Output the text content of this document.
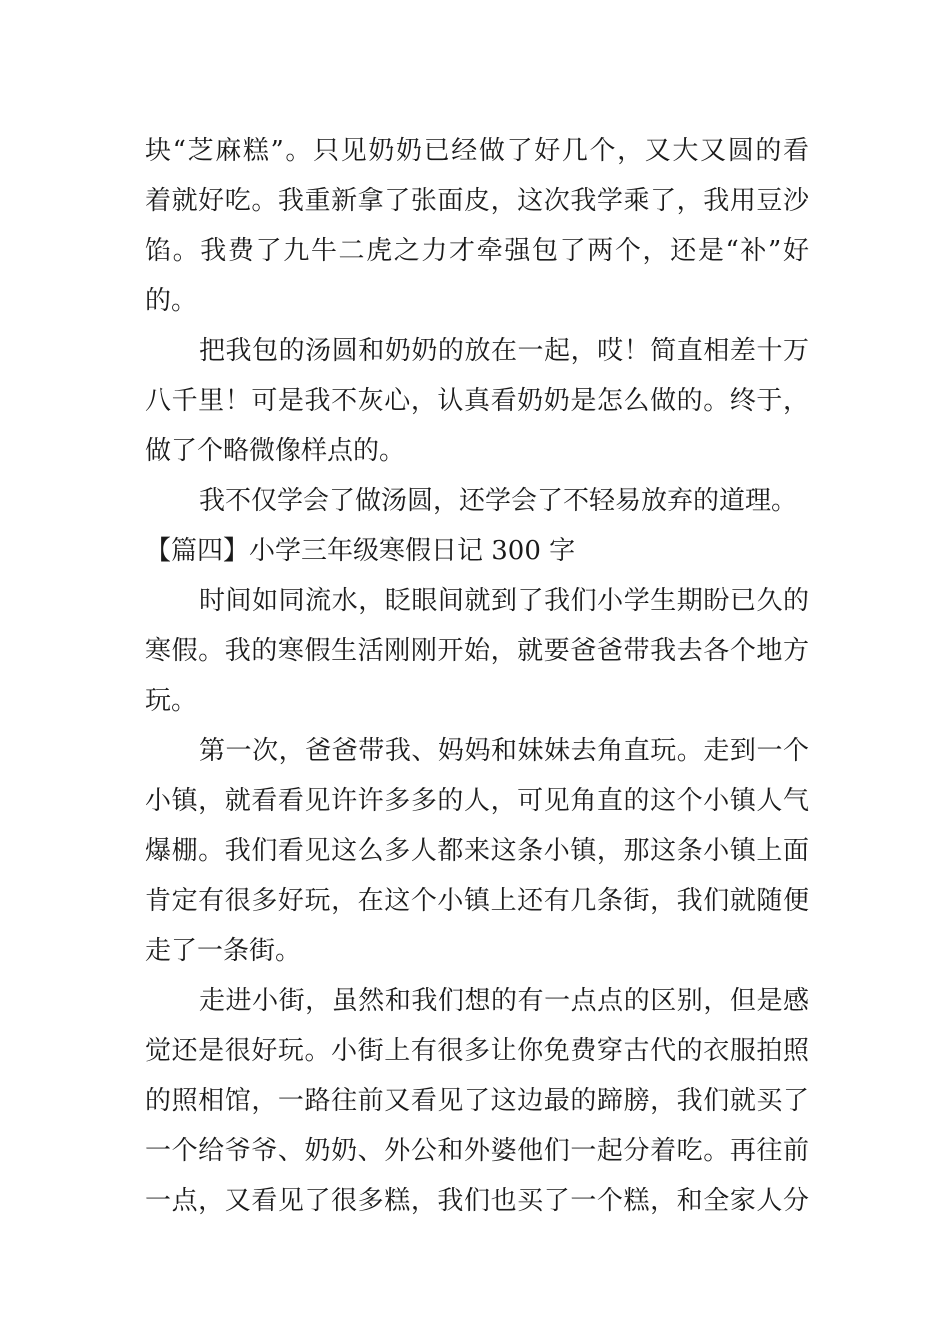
块“芝麻糕”。只见奶奶已经做了好几个，又大又圆的看
着就好吃。我重新拿了张面皮，这次我学乘了，我用豆沙
馅。我费了九牛二虎之力才牵强包了两个，还是“补”好
的。
把我包的汤圆和奶奶的放在一起，哎！简直相差十万
八千里！可是我不灰心，认真看奶奶是怎么做的。终于，
做了个略微像样点的。
我不仅学会了做汤圆，还学会了不轻易放弃的道理。
【篇四】小学三年级寒假日记 300 字
时间如同流水，眨眼间就到了我们小学生期盼已久的
寒假。我的寒假生活刚刚开始，就要爸爸带我去各个地方
玩。
第一次，爸爸带我、妈妈和妹妹去角直玩。走到一个
小镇，就看看见许许多多的人，可见角直的这个小镇人气
爆棚。我们看见这么多人都来这条小镇，那这条小镇上面
肯定有很多好玩，在这个小镇上还有几条街，我们就随便
走了一条街。
走进小街，虽然和我们想的有一点点的区别，但是感
觉还是很好玩。小街上有很多让你免费穿古代的衣服拍照
的照相馆，一路往前又看见了这边最的蹄膀，我们就买了
一个给爷爷、奶奶、外公和外婆他们一起分着吃。再往前
一点，又看见了很多糕，我们也买了一个糕，和全家人分
